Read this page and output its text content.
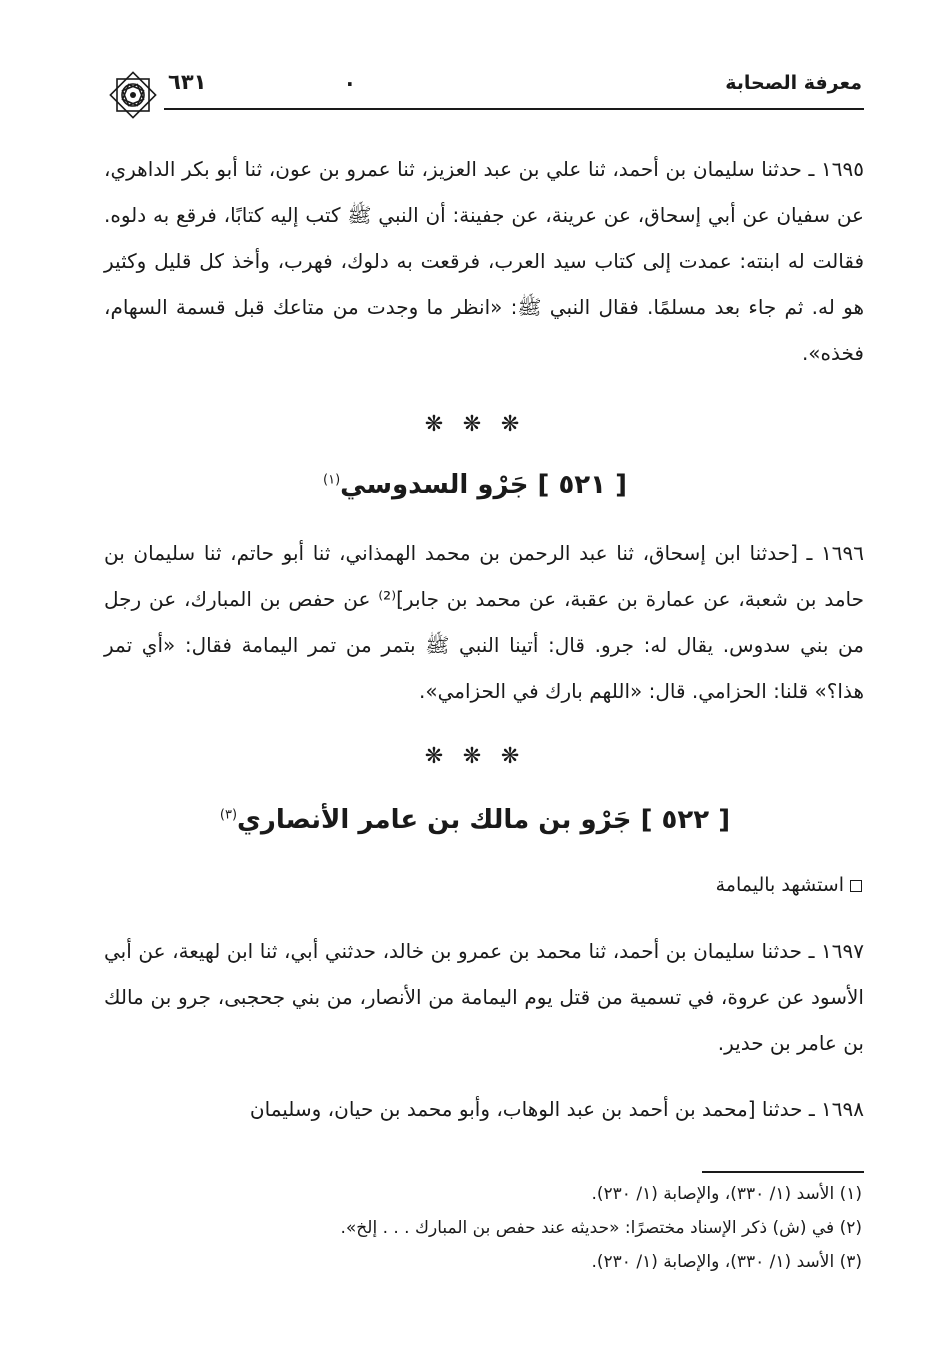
معرفة الصحابة
·
٦٣١

١٦٩٥ ـ حدثنا سليمان بن أحمد، ثنا علي بن عبد العزيز، ثنا عمرو بن عون، ثنا أبو بكر الداهري، عن سفيان عن أبي إسحاق، عن عرينة، عن جفينة: أن النبي ﷺ كتب إليه كتابًا، فرقع به دلوه. فقالت له ابنته: عمدت إلى كتاب سيد العرب، فرقعت به دلوك، فهرب، وأخذ كل قليل وكثير هو له. ثم جاء بعد مسلمًا. فقال النبي ﷺ: «انظر ما وجدت من متاعك قبل قسمة السهام، فخذه».

❋ ❋ ❋
[ ٥٢١ ] جَرْو السدوسي$^{(١)}$

١٦٩٦ ـ [حدثنا ابن إسحاق، ثنا عبد الرحمن بن محمد الهمذاني، ثنا أبو حاتم، ثنا سليمان بن حامد بن شعبة، عن عمارة بن عقبة، عن محمد بن جابر]⁽²⁾ عن حفص بن المبارك، عن رجل من بني سدوس. يقال له: جرو. قال: أتينا النبي ﷺ بتمر من تمر اليمامة فقال: «أي تمر هذا؟» قلنا: الحزامي. قال: «اللهم بارك في الحزامي».

❋ ❋ ❋
[ ٥٢٢ ] جَرْو بن مالك بن عامر الأنصاري$^{(٣)}$
استشهد باليمامة

١٦٩٧ ـ حدثنا سليمان بن أحمد، ثنا محمد بن عمرو بن خالد، حدثني أبي، ثنا ابن لهيعة، عن أبي الأسود عن عروة، في تسمية من قتل يوم اليمامة من الأنصار، من بني جحجبى، جرو بن مالك بن عامر بن حدير.

١٦٩٨ ـ حدثنا [محمد بن أحمد بن عبد الوهاب، وأبو محمد بن حيان، وسليمان

(١) الأسد (١/ ٣٣٠)، والإصابة (١/ ٢٣٠).
(٢) في (ش) ذكر الإسناد مختصرًا: «حديثه عند حفص بن المبارك . . . إلخ».
(٣) الأسد (١/ ٣٣٠)، والإصابة (١/ ٢٣٠).
